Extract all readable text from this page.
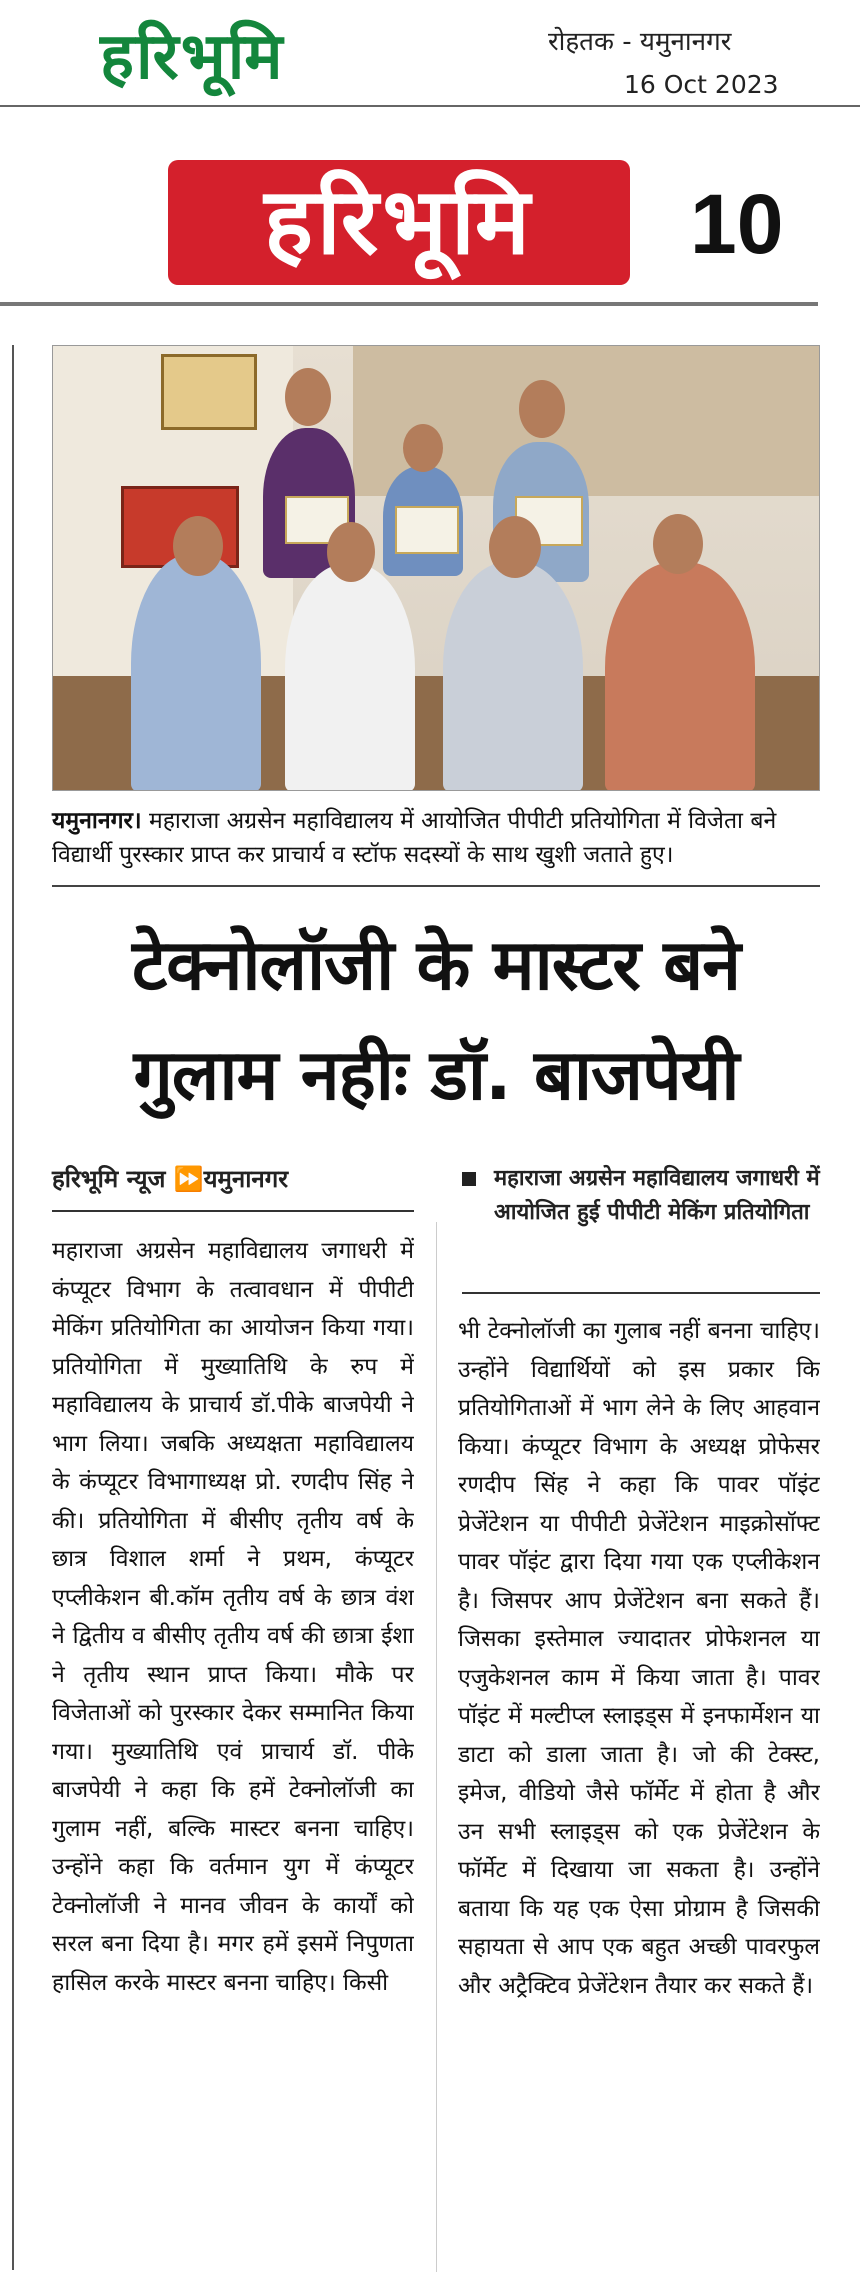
हरिभूमि	रोहतक - यमुनानगर
16 Oct 2023
हरिभूमि	10
यमुनानगर। महाराजा अग्रसेन महाविद्यालय में आयोजित पीपीटी प्रतियोगिता में विजेता बने विद्यार्थी पुरस्कार प्राप्त कर प्राचार्य व स्टॉफ सदस्यों के साथ खुशी जताते हुए।
टेक्नोलॉजी के मास्टर बने
गुलाम नहीः डॉ. बाजपेयी
हरिभूमि न्यूज ⏩यमुनानगर	महाराजा अग्रसेन महाविद्यालय जगाधरी में आयोजित हुई पीपीटी मेकिंग प्रतियोगिता
महाराजा अग्रसेन महाविद्यालय जगाधरी में कंप्यूटर विभाग के तत्वावधान में पीपीटी मेकिंग प्रतियोगिता का आयोजन किया गया। प्रतियोगिता में मुख्यातिथि के रुप में महाविद्यालय के प्राचार्य डॉ.पीके बाजपेयी ने भाग लिया। जबकि अध्यक्षता महाविद्यालय के कंप्यूटर विभागाध्यक्ष प्रो. रणदीप सिंह ने की। प्रतियोगिता में बीसीए तृतीय वर्ष के छात्र विशाल शर्मा ने प्रथम, कंप्यूटर एप्लीकेशन बी.कॉम तृतीय वर्ष के छात्र वंश ने द्वितीय व बीसीए तृतीय वर्ष की छात्रा ईशा ने तृतीय स्थान प्राप्त किया। मौके पर विजेताओं को पुरस्कार देकर सम्मानित किया गया। मुख्यातिथि एवं प्राचार्य डॉ. पीके बाजपेयी ने कहा कि हमें टेक्नोलॉजी का गुलाम नहीं, बल्कि मास्टर बनना चाहिए। उन्होंने कहा कि वर्तमान युग में कंप्यूटर टेक्नोलॉजी ने मानव जीवन के कार्यों को सरल बना दिया है। मगर हमें इसमें निपुणता हासिल करके मास्टर बनना चाहिए। किसी
भी टेक्नोलॉजी का गुलाब नहीं बनना चाहिए। उन्होंने विद्यार्थियों को इस प्रकार कि प्रतियोगिताओं में भाग लेने के लिए आहवान किया। कंप्यूटर विभाग के अध्यक्ष प्रोफेसर रणदीप सिंह ने कहा कि पावर पॉइंट प्रेजेंटेशन या पीपीटी प्रेजेंटेशन माइक्रोसॉफ्ट पावर पॉइंट द्वारा दिया गया एक एप्लीकेशन है। जिसपर आप प्रेजेंटेशन बना सकते हैं। जिसका इस्तेमाल ज्यादातर प्रोफेशनल या एजुकेशनल काम में किया जाता है। पावर पॉइंट में मल्टीप्ल स्लाइड्स में इनफार्मेशन या डाटा को डाला जाता है। जो की टेक्स्ट, इमेज, वीडियो जैसे फॉर्मेट में होता है और उन सभी स्लाइड्स को एक प्रेजेंटेशन के फॉर्मेट में दिखाया जा सकता है। उन्होंने बताया कि यह एक ऐसा प्रोग्राम है जिसकी सहायता से आप एक बहुत अच्छी पावरफुल और अट्रैक्टिव प्रेजेंटेशन तैयार कर सकते हैं।
